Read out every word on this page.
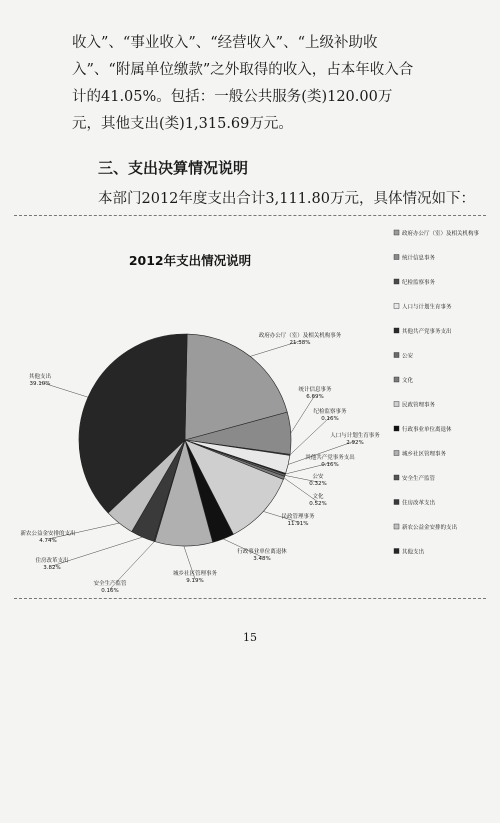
收入”、“事业收入”、“经营收入”、“上级补助收入”、“附属单位缴款”之外取得的收入，占本年收入合计的41.05%。包括：一般公共服务(类)120.00万元，其他支出(类)1,315.69万元。

三、支出决算情况说明

本部门2012年度支出合计3,111.80万元，具体情况如下：

2012年支出情况说明
政府办公厅（室）及相关机构事务
21.38%
统计信息事务
6.69%
纪检监察事务
0.16%
人口与计划生育事务
2.92%
其他共产党事务支出
0.16%
公安
0.32%
文化
0.52%
民政管理事务
11.91%
行政事业单位离退休
3.48%
城乡社区管理事务
9.19%
安全生产监管
0.16%
住房改革支出
3.82%
新农公益金安排的支出
4.74%
其他支出
39.10%
政府办公厅（室）及相关机构事
统计信息事务
纪检监察事务
人口与计划生育事务
其他共产党事务支出
公安
文化
民政管理事务
行政事业单位离退休
城乡社区管理事务
安全生产监管
住房改革支出
新农公益金安排的支出
其他支出
15
